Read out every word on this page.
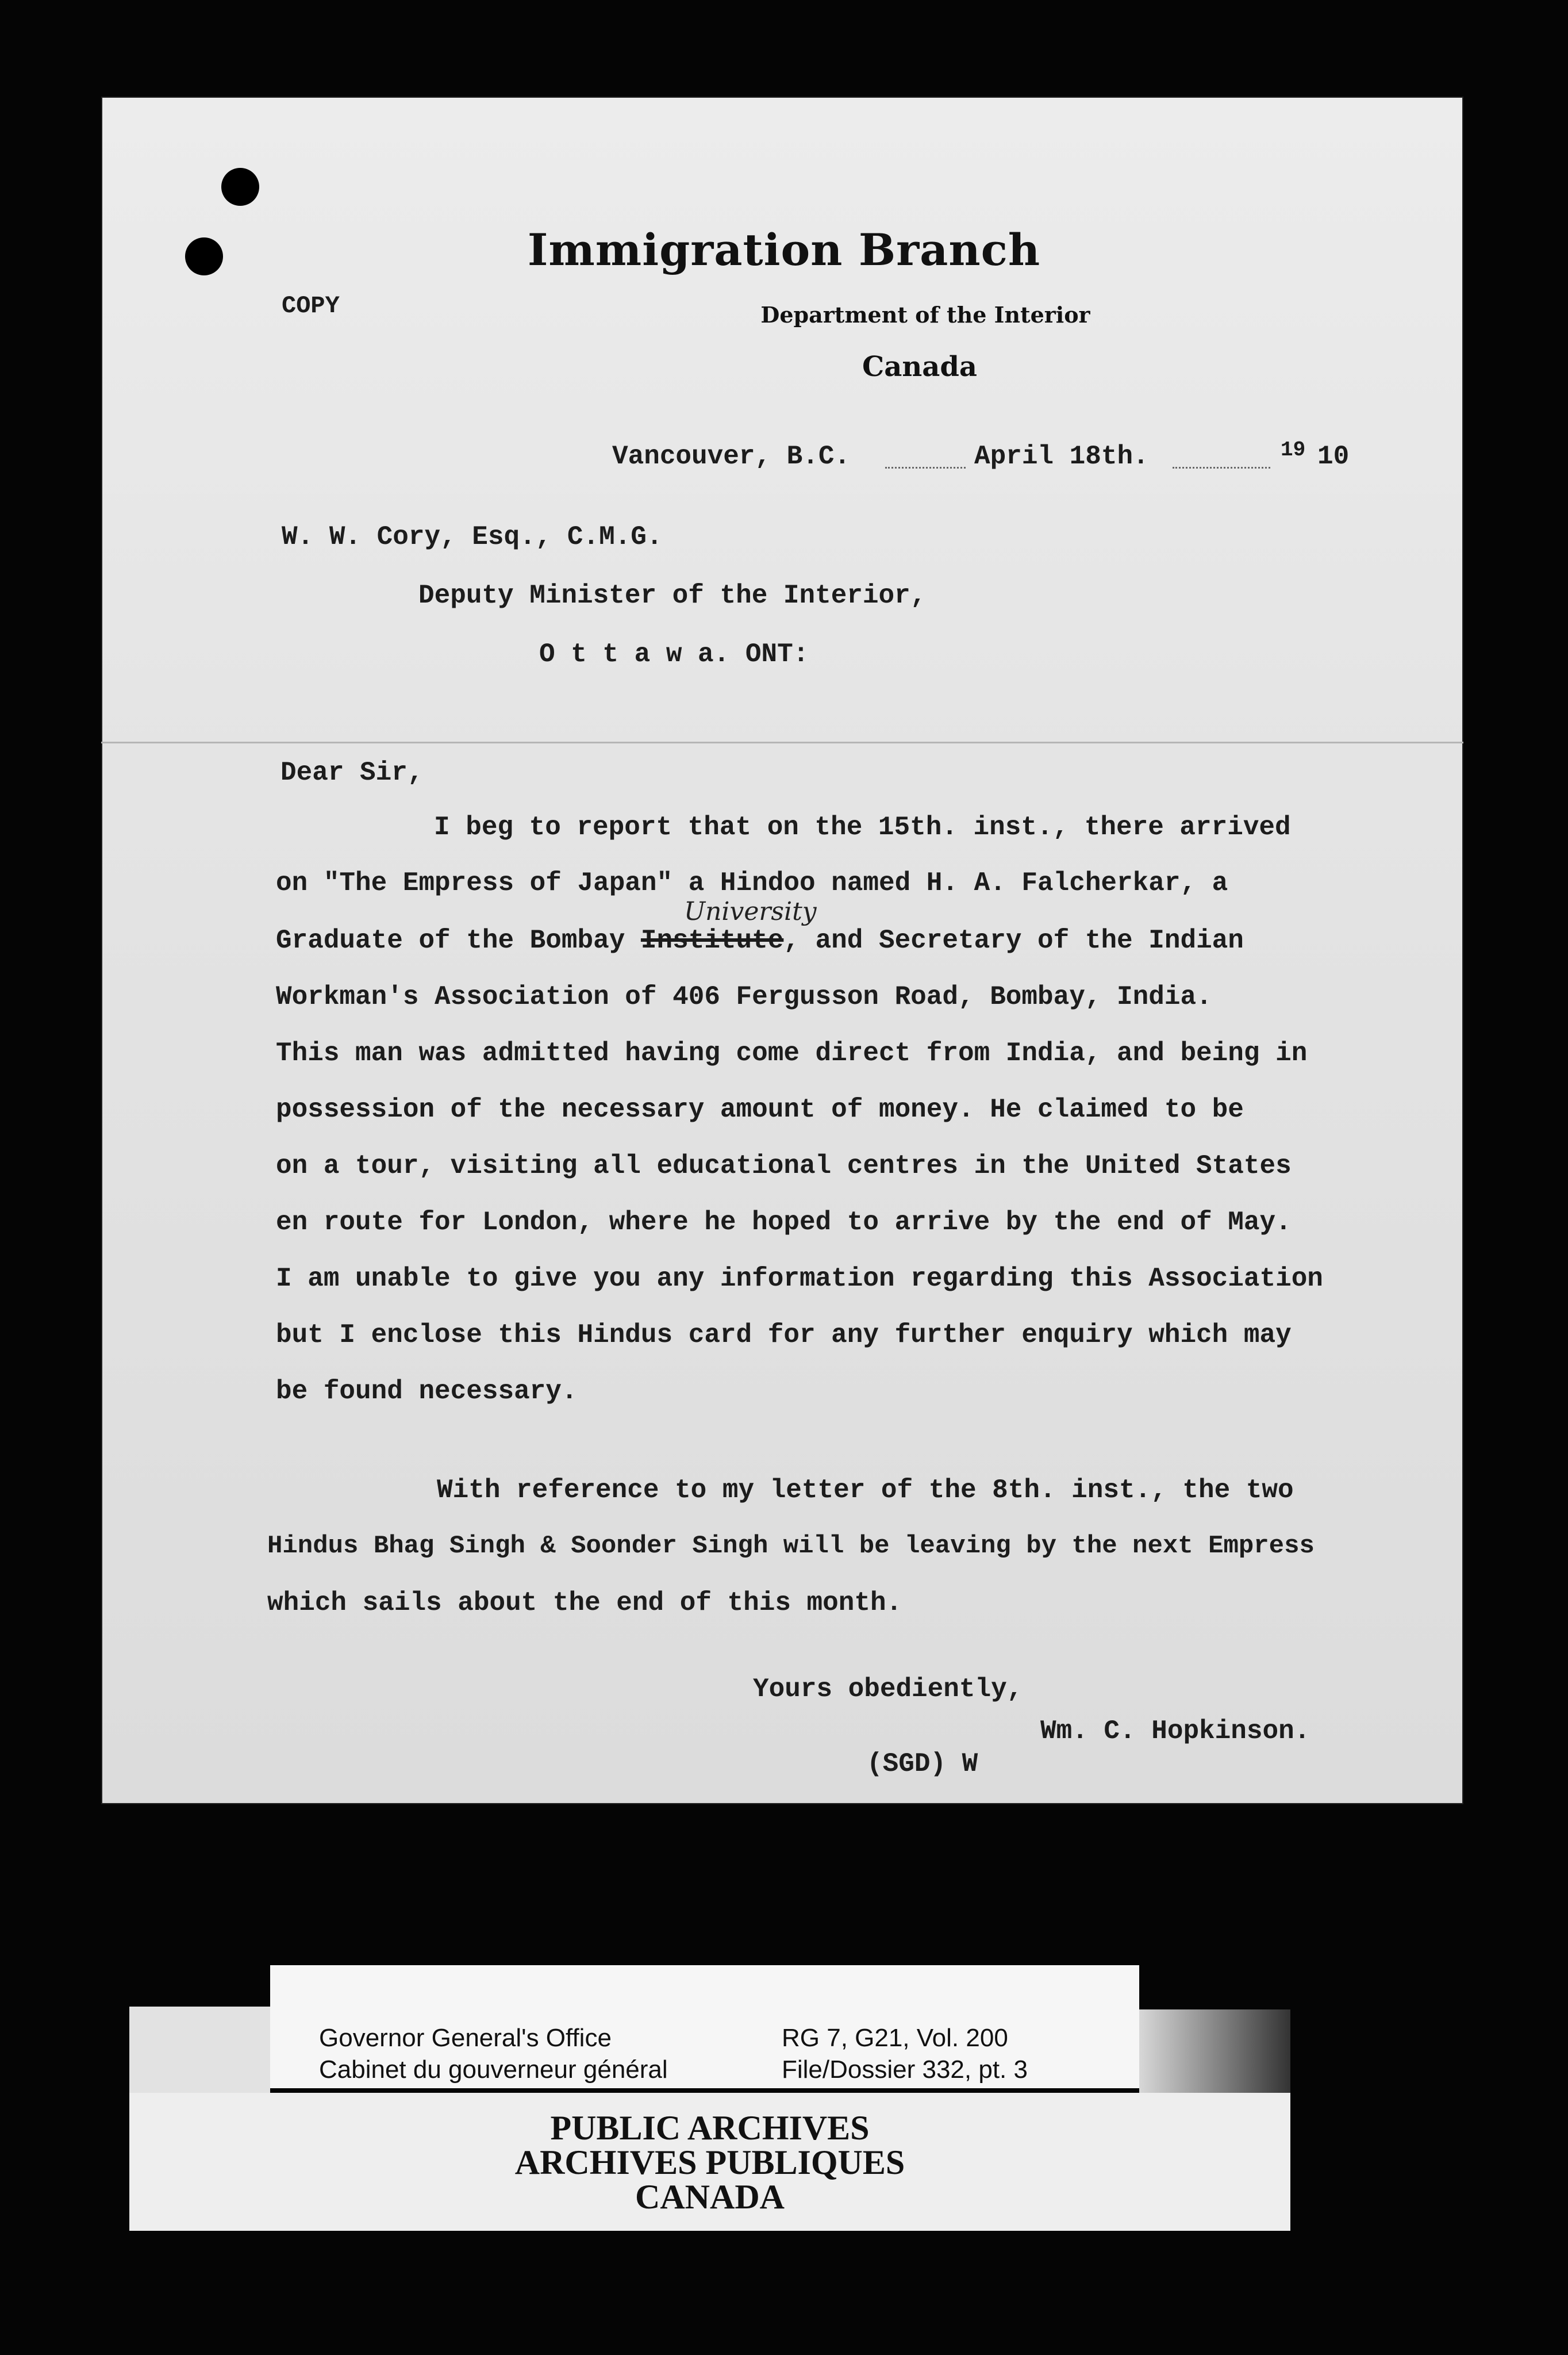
Immigration Branch
Department of the Interior
Canada
COPY
Vancouver, B.C.	April 18th.	19 10
W. W. Cory, Esq., C.M.G.
Deputy Minister of the Interior,
O t t a w a. ONT:
Dear Sir,
I beg to report that on the 15th. inst., there arrived
on "The Empress of Japan" a Hindoo named H. A. Falcherkar, a
University
Graduate of the Bombay Institute, and Secretary of the Indian
Workman's Association of 406 Fergusson Road, Bombay, India.
This man was admitted having come direct from India, and being in
possession of the necessary amount of money. He claimed to be
on a tour, visiting all educational centres in the United States
en route for London, where he hoped to arrive by the end of May.
I am unable to give you any information regarding this Association
but I enclose this Hindus card for any further enquiry which may
be found necessary.
With reference to my letter of the 8th. inst., the two
Hindus Bhag Singh & Soonder Singh will be leaving by the next Empress
which sails about the end of this month.
Yours obediently,
Wm. C. Hopkinson.
(SGD) W
Governor General's Office
Cabinet du gouverneur général
RG 7, G21, Vol. 200
File/Dossier 332, pt. 3
PUBLIC ARCHIVES
ARCHIVES PUBLIQUES
CANADA
